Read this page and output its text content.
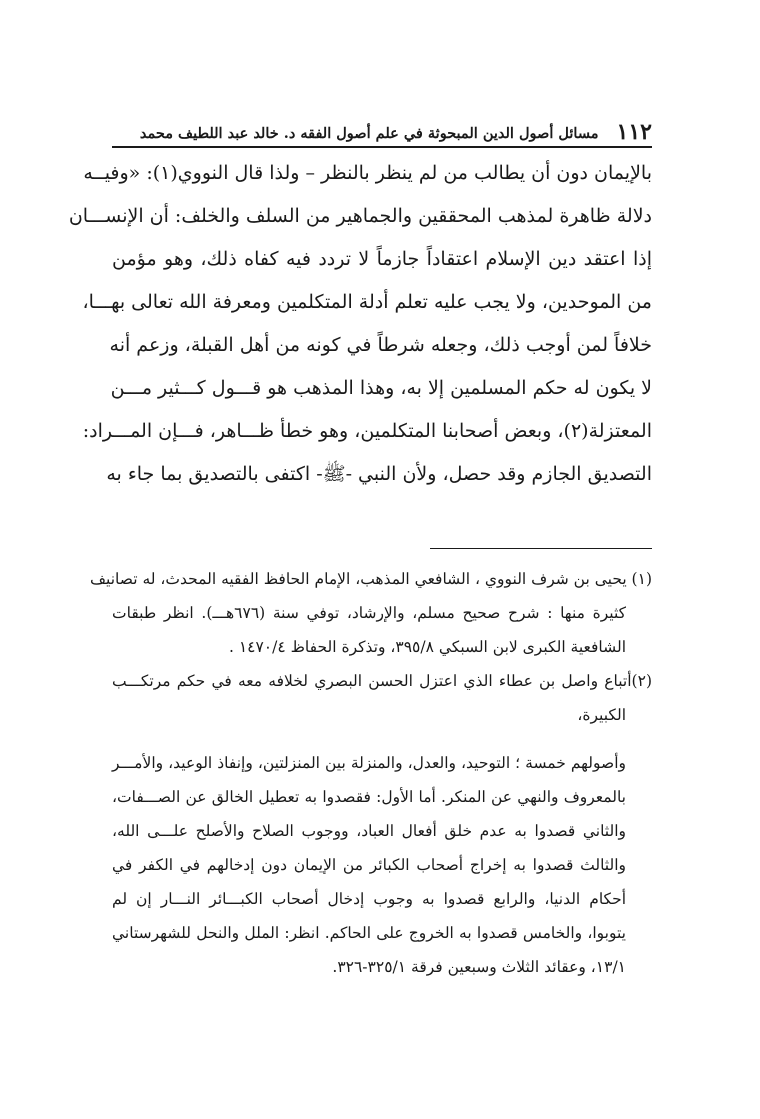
١١٢
مسائل أصول الدين المبحوثة في علم أصول الفقه د. خالد عبد اللطيف محمد
بالإيمان دون أن يطالب من لم ينظر بالنظر – ولذا قال النووي(١): «وفيــه
دلالة ظاهرة لمذهب المحققين والجماهير من السلف والخلف: أن الإنســـان
إذا اعتقد دين الإسلام اعتقاداً جازماً لا تردد فيه كفاه ذلك، وهو مؤمن
من الموحدين، ولا يجب عليه تعلم أدلة المتكلمين ومعرفة الله تعالى بهـــا،
خلافاً لمن أوجب ذلك، وجعله شرطاً في كونه من أهل القبلة، وزعم أنه
لا يكون له حكم المسلمين إلا به، وهذا المذهب هو قـــول كـــثير مـــن
المعتزلة(٢)، وبعض أصحابنا المتكلمين، وهو خطأ ظـــاهر، فـــإن المـــراد:
التصديق الجازم وقد حصل، ولأن النبي -ﷺ- اكتفى بالتصديق بما جاء به
(١) يحيى بن شرف النووي ، الشافعي المذهب، الإمام الحافظ الفقيه المحدث، له تصانيف
كثيرة منها : شرح صحيح مسلم، والإرشاد، توفي سنة (٦٧٦هـــ). انظر طبقات
الشافعية الكبرى لابن السبكي ٣٩٥/٨، وتذكرة الحفاظ ١٤٧٠/٤ .
(٢)أتباع واصل بن عطاء الذي اعتزل الحسن البصري لخلافه معه في حكم مرتكـــب
الكبيرة،
وأصولهم خمسة ؛ التوحيد، والعدل، والمنزلة بين المنزلتين، وإنفاذ الوعيد، والأمـــر
بالمعروف والنهي عن المنكر. أما الأول: فقصدوا به تعطيل الخالق عن الصـــفات،
والثاني قصدوا به عدم خلق أفعال العباد، ووجوب الصلاح والأصلح علـــى الله،
والثالث قصدوا به إخراج أصحاب الكبائر من الإيمان دون إدخالهم في الكفر في
أحكام الدنيا، والرابع قصدوا به وجوب إدخال أصحاب الكبـــائر النـــار إن لم
يتوبوا، والخامس قصدوا به الخروج على الحاكم. انظر: الملل والنحل للشهرستاني
١٣/١، وعقائد الثلاث وسبعين فرقة ٣٢٥/١-٣٢٦.
